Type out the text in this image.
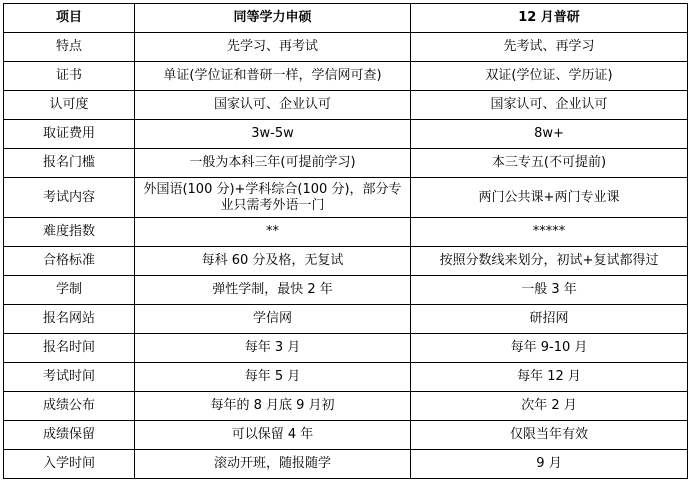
项目	同等学力申硕	12 月普研
特点	先学习、再考试	先考试、再学习
证书	单证(学位证和普研一样，学信网可查)	双证(学位证、学历证)
认可度	国家认可、企业认可	国家认可、企业认可
取证费用	3w-5w	8w+
报名门槛	一般为本科三年(可提前学习)	本三专五(不可提前)
考试内容	外国语(100 分)+学科综合(100 分)，部分专业只需考外语一门	两门公共课+两门专业课
难度指数	**	*****
合格标准	每科 60 分及格，无复试	按照分数线来划分，初试+复试都得过
学制	弹性学制，最快 2 年	一般 3 年
报名网站	学信网	研招网
报名时间	每年 3 月	每年 9-10 月
考试时间	每年 5 月	每年 12 月
成绩公布	每年的 8 月底 9 月初	次年 2 月
成绩保留	可以保留 4 年	仅限当年有效
入学时间	滚动开班，随报随学	9 月
